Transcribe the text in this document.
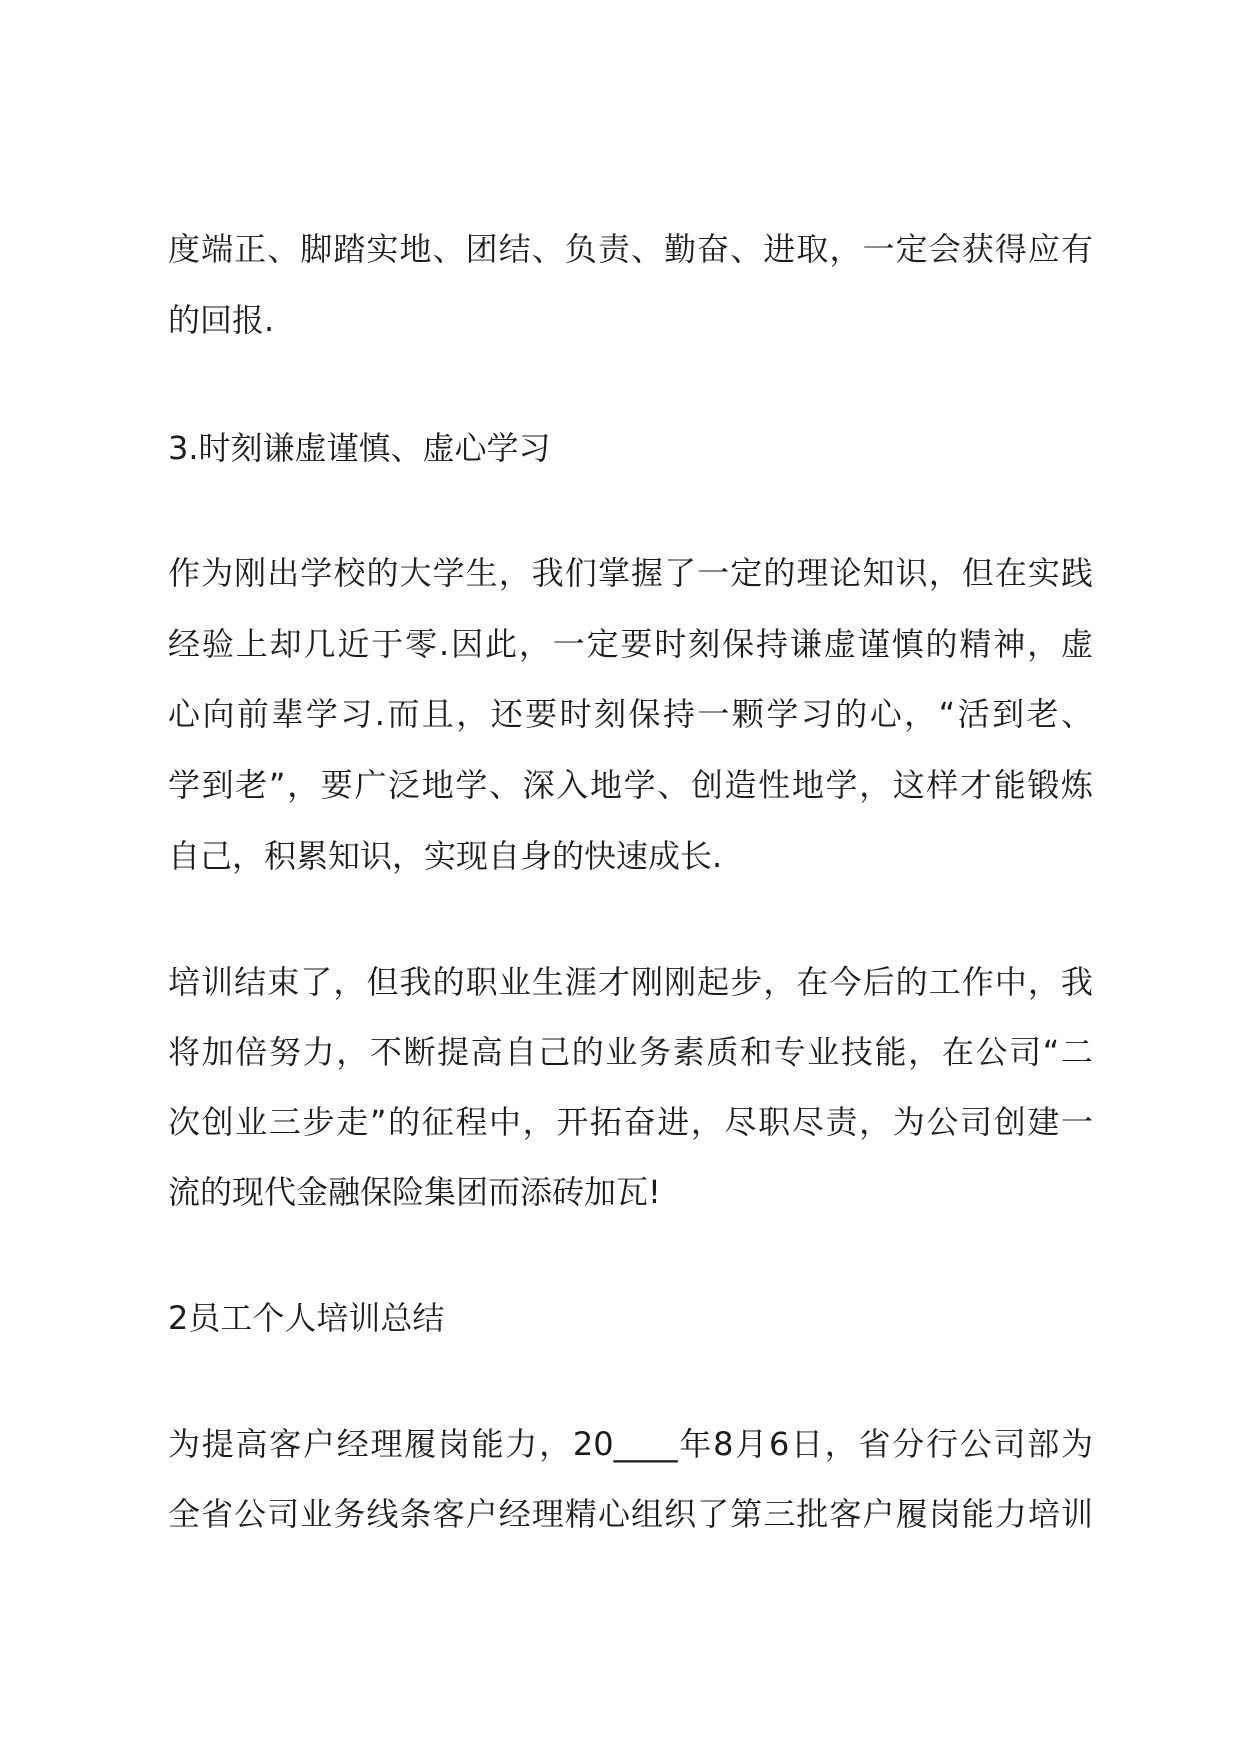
度端正、脚踏实地、团结、负责、勤奋、进取，一定会获得应有
的回报.
3.时刻谦虚谨慎、虚心学习
作为刚出学校的大学生，我们掌握了一定的理论知识，但在实践
经验上却几近于零.因此，一定要时刻保持谦虚谨慎的精神，虚
心向前辈学习.而且，还要时刻保持一颗学习的心，“活到老、
学到老”，要广泛地学、深入地学、创造性地学，这样才能锻炼
自己，积累知识，实现自身的快速成长.
培训结束了，但我的职业生涯才刚刚起步，在今后的工作中，我
将加倍努力，不断提高自己的业务素质和专业技能，在公司“二
次创业三步走”的征程中，开拓奋进，尽职尽责，为公司创建一
流的现代金融保险集团而添砖加瓦!
2员工个人培训总结
为提高客户经理履岗能力，20____年8月6日，省分行公司部为
全省公司业务线条客户经理精心组织了第三批客户履岗能力培训
